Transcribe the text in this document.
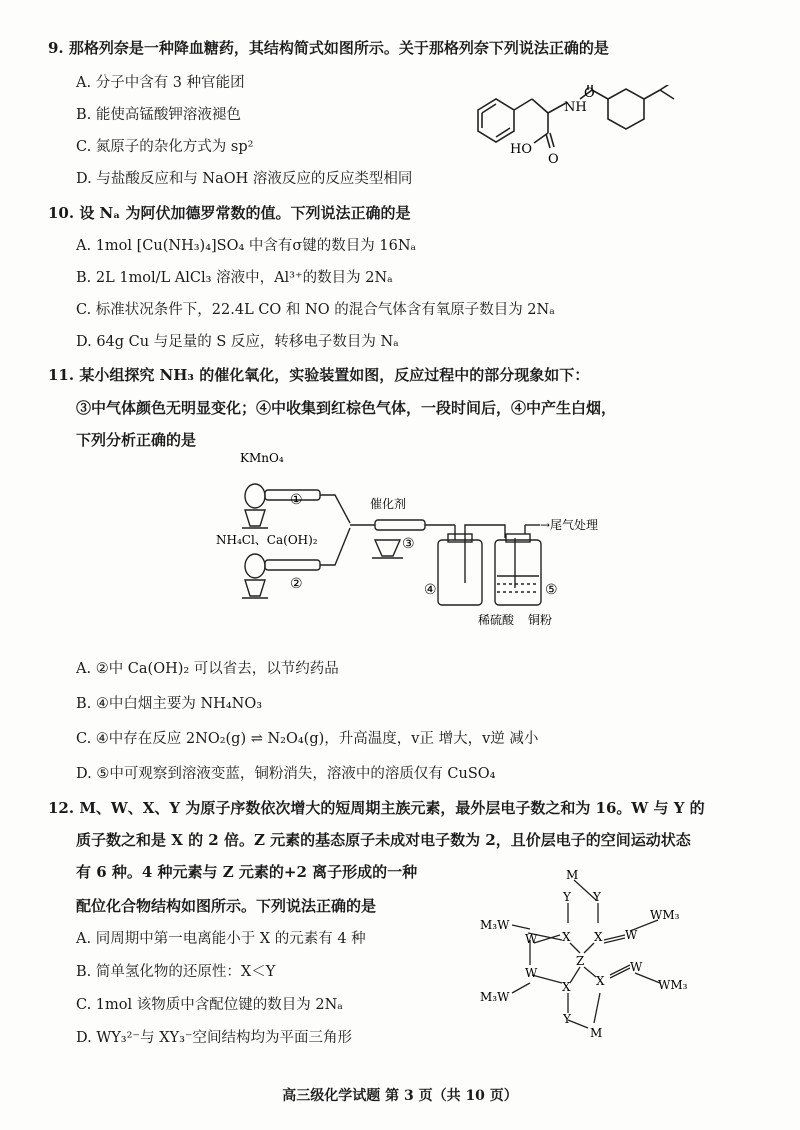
9. 那格列奈是一种降血糖药，其结构简式如图所示。关于那格列奈下列说法正确的是
A. 分子中含有 3 种官能团
B. 能使高锰酸钾溶液褪色
C. 氮原子的杂化方式为 sp²
D. 与盐酸反应和与 NaOH 溶液反应的反应类型相同
O
NH
HO
O
10. 设 Nₐ 为阿伏加德罗常数的值。下列说法正确的是
A. 1mol [Cu(NH₃)₄]SO₄ 中含有σ键的数目为 16Nₐ
B. 2L 1mol/L AlCl₃ 溶液中，Al³⁺的数目为 2Nₐ
C. 标准状况条件下，22.4L CO 和 NO 的混合气体含有氧原子数目为 2Nₐ
D. 64g Cu 与足量的 S 反应，转移电子数目为 Nₐ
11. 某小组探究 NH₃ 的催化氧化，实验装置如图，反应过程中的部分现象如下：
③中气体颜色无明显变化；④中收集到红棕色气体，一段时间后，④中产生白烟，
下列分析正确的是
KMnO₄
①
NH₄Cl、Ca(OH)₂
②
催化剂
③
④	⑤
→尾气处理
稀硫酸 铜粉
A. ②中 Ca(OH)₂ 可以省去，以节约药品
B. ④中白烟主要为 NH₄NO₃
C. ④中存在反应 2NO₂(g) ⇌ N₂O₄(g)，升高温度，v正 增大，v逆 减小
D. ⑤中可观察到溶液变蓝，铜粉消失，溶液中的溶质仅有 CuSO₄
12. M、W、X、Y 为原子序数依次增大的短周期主族元素，最外层电子数之和为 16。W 与 Y 的
质子数之和是 X 的 2 倍。Z 元素的基态原子未成对电子数为 2，且价层电子的空间运动状态
有 6 种。4 种元素与 Z 元素的+2 离子形成的一种
配位化合物结构如图所示。下列说法正确的是
A. 同周期中第一电离能小于 X 的元素有 4 种
B. 简单氢化物的还原性：X＜Y
C. 1mol 该物质中含配位键的数目为 2Nₐ
D. WY₃²⁻与 XY₃⁻空间结构均为平面三角形
M
Y Y
M₃W
WM₃
W X X W
Z
W	W
X X
M₃W
WM₃
Y
M
高三级化学试题 第 3 页（共 10 页）
